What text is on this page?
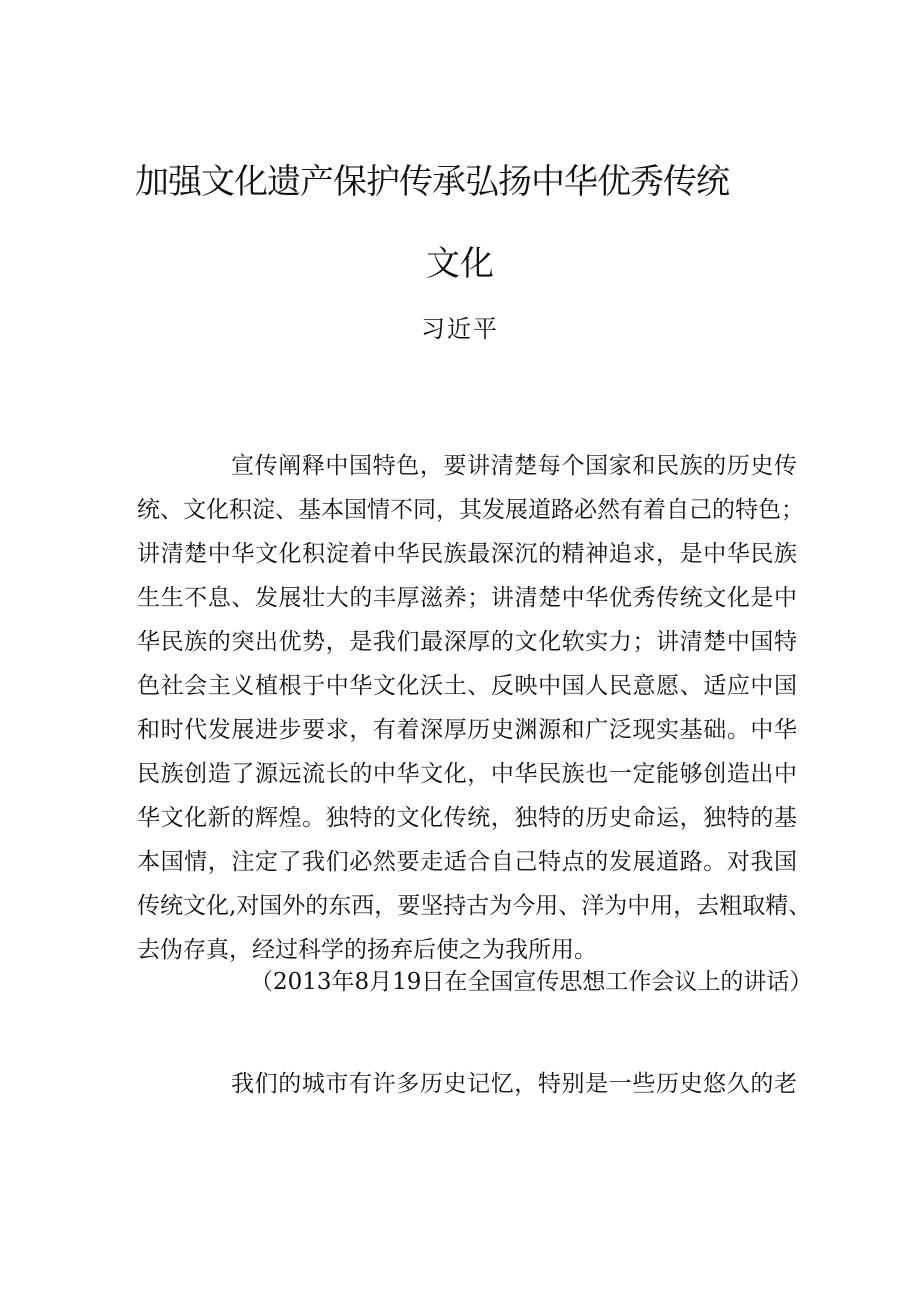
加强文化遗产保护传承弘扬中华优秀传统
文化
习近平
宣传阐释中国特色，要讲清楚每个国家和民族的历史传
统、文化积淀、基本国情不同，其发展道路必然有着自己的特色；
讲清楚中华文化积淀着中华民族最深沉的精神追求，是中华民族
生生不息、发展壮大的丰厚滋养；讲清楚中华优秀传统文化是中
华民族的突出优势，是我们最深厚的文化软实力；讲清楚中国特
色社会主义植根于中华文化沃土、反映中国人民意愿、适应中国
和时代发展进步要求，有着深厚历史渊源和广泛现实基础。中华
民族创造了源远流长的中华文化，中华民族也一定能够创造出中
华文化新的辉煌。独特的文化传统，独特的历史命运，独特的基
本国情，注定了我们必然要走适合自己特点的发展道路。对我国
传统文化,对国外的东西，要坚持古为今用、洋为中用，去粗取精、
去伪存真，经过科学的扬弃后使之为我所用。
（2013年8月19日在全国宣传思想工作会议上的讲话）
我们的城市有许多历史记忆，特别是一些历史悠久的老
